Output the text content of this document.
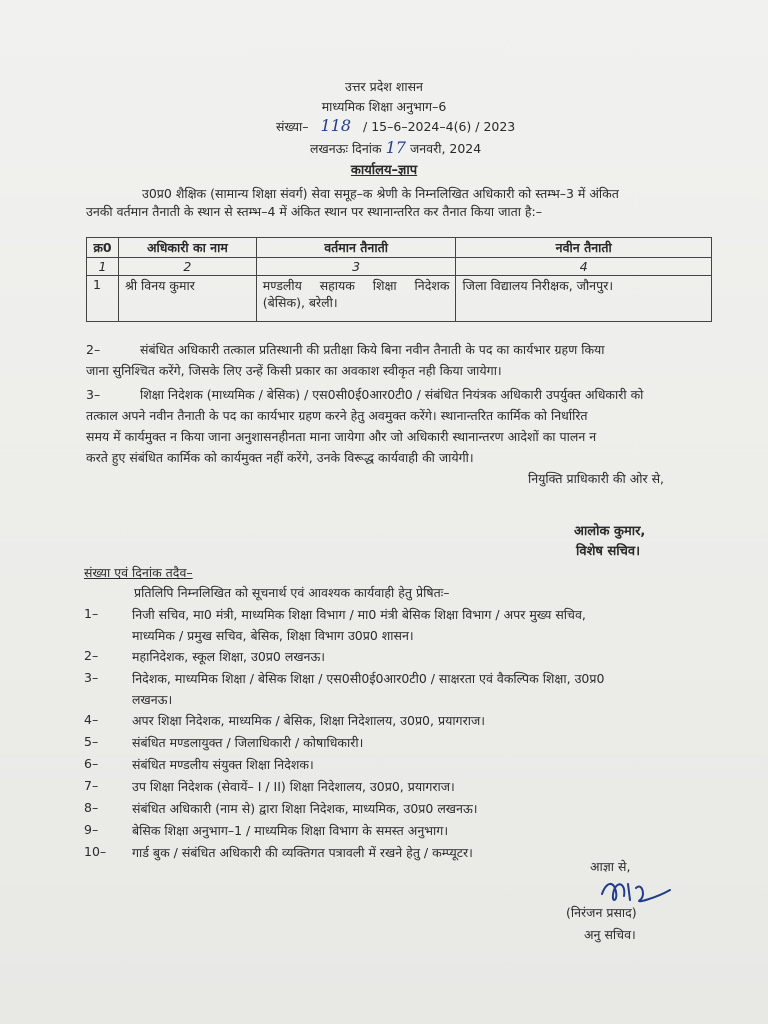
उत्तर प्रदेश शासन
माध्यमिक शिक्षा अनुभाग–6
संख्या– 118 / 15–6–2024–4(6) / 2023
लखनऊः दिनांक 17 जनवरी, 2024
कार्यालय–ज्ञाप
उ0प्र0 शैक्षिक (सामान्य शिक्षा संवर्ग) सेवा समूह–क श्रेणी के निम्नलिखित अधिकारी को स्तम्भ–3 में अंकित
उनकी वर्तमान तैनाती के स्थान से स्तम्भ–4 में अंकित स्थान पर स्थानान्तरित कर तैनात किया जाता है:–
क्र0	अधिकारी का नाम	वर्तमान तैनाती	नवीन तैनाती
1	2	3	4
1	श्री विनय कुमार	मण्डलीय सहायक शिक्षा निदेशक (बेसिक), बरेली।	जिला विद्यालय निरीक्षक, जौनपुर।
2–	संबंधित अधिकारी तत्काल प्रतिस्थानी की प्रतीक्षा किये बिना नवीन तैनाती के पद का कार्यभार ग्रहण किया
जाना सुनिश्चित करेंगे, जिसके लिए उन्हें किसी प्रकार का अवकाश स्वीकृत नही किया जायेगा।
3–	शिक्षा निदेशक (माध्यमिक / बेसिक) / एस0सी0ई0आर0टी0 / संबंधित नियंत्रक अधिकारी उपर्युक्त अधिकारी को
तत्काल अपने नवीन तैनाती के पद का कार्यभार ग्रहण करने हेतु अवमुक्त करेंगे। स्थानान्तरित कार्मिक को निर्धारित
समय में कार्यमुक्त न किया जाना अनुशासनहीनता माना जायेगा और जो अधिकारी स्थानान्तरण आदेशों का पालन न
करते हुए संबंधित कार्मिक को कार्यमुक्त नहीं करेंगे, उनके विरूद्ध कार्यवाही की जायेगी।
नियुक्ति प्राधिकारी की ओर से,
आलोक कुमार,
विशेष सचिव।
संख्या एवं दिनांक तदैव–
प्रतिलिपि निम्नलिखित को सूचनार्थ एवं आवश्यक कार्यवाही हेतु प्रेषितः–
1–	निजी सचिव, मा0 मंत्री, माध्यमिक शिक्षा विभाग / मा0 मंत्री बेसिक शिक्षा विभाग / अपर मुख्य सचिव,
माध्यमिक / प्रमुख सचिव, बेसिक, शिक्षा विभाग उ0प्र0 शासन।
2–	महानिदेशक, स्कूल शिक्षा, उ0प्र0 लखनऊ।
3–	निदेशक, माध्यमिक शिक्षा / बेसिक शिक्षा / एस0सी0ई0आर0टी0 / साक्षरता एवं वैकल्पिक शिक्षा, उ0प्र0
लखनऊ।
4–	अपर शिक्षा निदेशक, माध्यमिक / बेसिक, शिक्षा निदेशालय, उ0प्र0, प्रयागराज।
5–	संबंधित मण्डलायुक्त / जिलाधिकारी / कोषाधिकारी।
6–	संबंधित मण्डलीय संयुक्त शिक्षा निदेशक।
7–	उप शिक्षा निदेशक (सेवायें– I / II) शिक्षा निदेशालय, उ0प्र0, प्रयागराज।
8–	संबंधित अधिकारी (नाम से) द्वारा शिक्षा निदेशक, माध्यमिक, उ0प्र0 लखनऊ।
9–	बेसिक शिक्षा अनुभाग–1 / माध्यमिक शिक्षा विभाग के समस्त अनुभाग।
10– गार्ड बुक / संबंधित अधिकारी की व्यक्तिगत पत्रावली में रखने हेतु / कम्प्यूटर।
आज्ञा से,
(निरंजन प्रसाद)
अनु सचिव।
